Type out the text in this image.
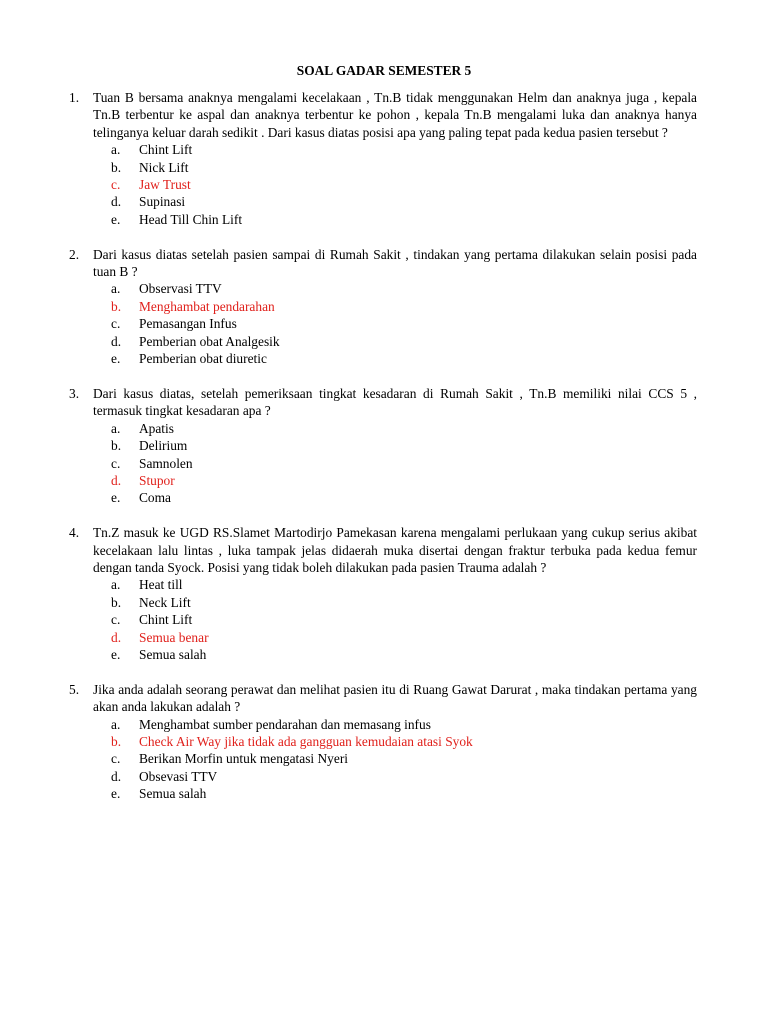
SOAL GADAR SEMESTER 5
1. Tuan B bersama anaknya mengalami kecelakaan , Tn.B tidak menggunakan Helm dan anaknya juga , kepala Tn.B terbentur ke aspal dan anaknya terbentur ke pohon , kepala Tn.B mengalami luka dan anaknya hanya telinganya keluar darah sedikit . Dari kasus diatas posisi apa yang paling tepat pada kedua pasien tersebut ?
a. Chint Lift
b. Nick Lift
c. Jaw Trust
d. Supinasi
e. Head Till Chin Lift
2. Dari kasus diatas setelah pasien sampai di Rumah Sakit , tindakan yang pertama dilakukan selain posisi pada tuan B ?
a. Observasi TTV
b. Menghambat pendarahan
c. Pemasangan Infus
d. Pemberian obat Analgesik
e. Pemberian obat diuretic
3. Dari kasus diatas, setelah pemeriksaan tingkat kesadaran di Rumah Sakit , Tn.B memiliki nilai CCS 5 , termasuk tingkat kesadaran apa ?
a. Apatis
b. Delirium
c. Samnolen
d. Stupor
e. Coma
4. Tn.Z masuk ke UGD RS.Slamet Martodirjo Pamekasan karena mengalami perlukaan yang cukup serius akibat kecelakaan lalu lintas , luka tampak jelas didaerah muka disertai dengan fraktur terbuka pada kedua femur dengan tanda Syock. Posisi yang tidak boleh dilakukan pada pasien Trauma adalah ?
a. Heat till
b. Neck Lift
c. Chint Lift
d. Semua benar
e. Semua salah
5. Jika anda adalah seorang perawat dan melihat pasien itu di Ruang Gawat Darurat , maka tindakan pertama yang akan anda lakukan adalah ?
a. Menghambat sumber pendarahan dan memasang infus
b. Check Air Way jika tidak ada gangguan kemudaian atasi Syok
c. Berikan Morfin untuk mengatasi Nyeri
d. Obsevasi TTV
e. Semua salah
